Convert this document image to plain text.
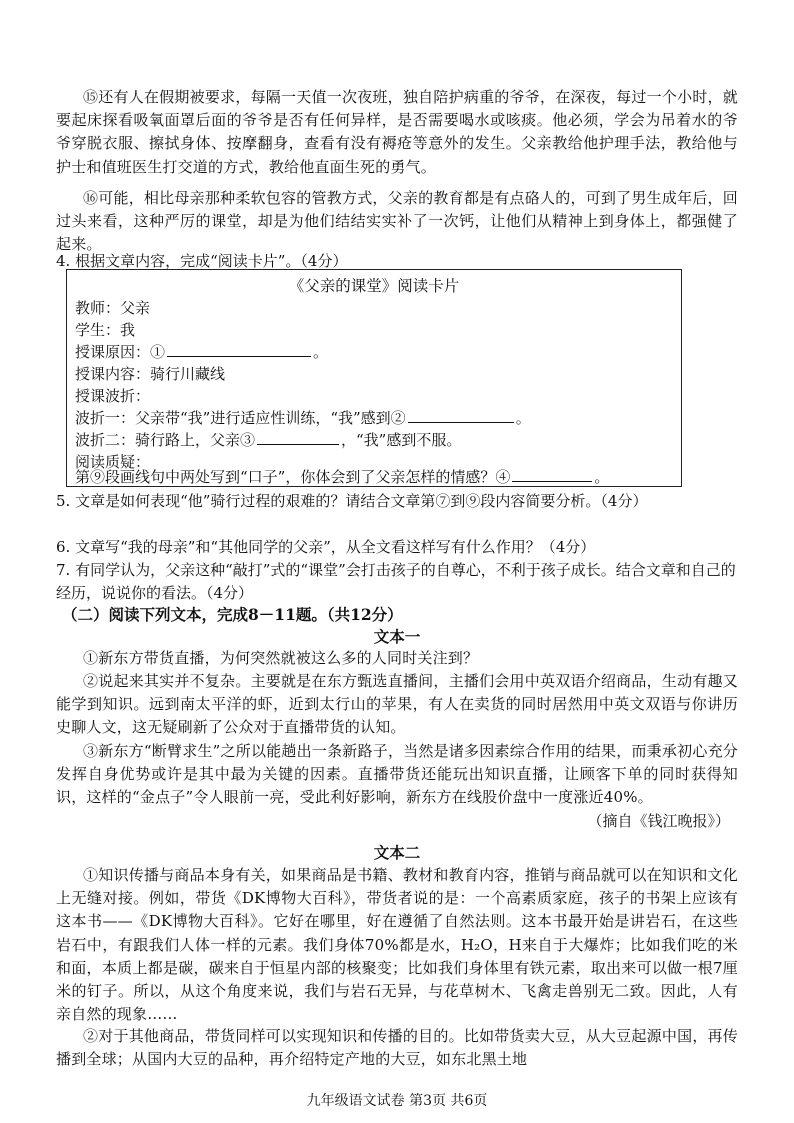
⑮还有人在假期被要求，每隔一天值一次夜班，独自陪护病重的爷爷，在深夜，每过一个小时，就要起床探看吸氧面罩后面的爷爷是否有任何异样，是否需要喝水或咳痰。他必须，学会为吊着水的爷爷穿脱衣服、擦拭身体、按摩翻身，查看有没有褥疮等意外的发生。父亲教给他护理手法，教给他与护士和值班医生打交道的方式，教给他直面生死的勇气。

⑯可能，相比母亲那种柔软包容的管教方式，父亲的教育都是有点硌人的，可到了男生成年后，回过头来看，这种严厉的课堂，却是为他们结结实实补了一次钙，让他们从精神上到身体上，都强健了起来。

4. 根据文章内容，完成“阅读卡片”。（4分）

《父亲的课堂》阅读卡片
教师：父亲
学生：我
授课原因：①	。
授课内容：骑行川藏线
授课波折：
波折一：父亲带“我”进行适应性训练，“我”感到②	。
波折二：骑行路上，父亲③	，“我”感到不服。
阅读质疑：
第⑨段画线句中两处写到“口子”，你体会到了父亲怎样的情感？④	。

5. 文章是如何表现“他”骑行过程的艰难的？请结合文章第⑦到⑨段内容简要分析。（4分）

6. 文章写“我的母亲”和“其他同学的父亲”，从全文看这样写有什么作用？（4分）

7. 有同学认为，父亲这种“敲打”式的“课堂”会打击孩子的自尊心，不利于孩子成长。结合文章和自己的经历，说说你的看法。（4分）

（二）阅读下列文本，完成8－11题。（共12分）
文本一

①新东方带货直播，为何突然就被这么多的人同时关注到？

②说起来其实并不复杂。主要就是在东方甄选直播间，主播们会用中英双语介绍商品，生动有趣又能学到知识。远到南太平洋的虾，近到太行山的苹果，有人在卖货的同时居然用中英文双语与你讲历史聊人文，这无疑刷新了公众对于直播带货的认知。

③新东方“断臂求生”之所以能趟出一条新路子，当然是诸多因素综合作用的结果，而秉承初心充分发挥自身优势或许是其中最为关键的因素。直播带货还能玩出知识直播，让顾客下单的同时获得知识，这样的“金点子”令人眼前一亮，受此利好影响，新东方在线股价盘中一度涨近40%。

（摘自《钱江晚报》）
文本二

①知识传播与商品本身有关，如果商品是书籍、教材和教育内容，推销与商品就可以在知识和文化上无缝对接。例如，带货《DK博物大百科》，带货者说的是：一个高素质家庭，孩子的书架上应该有这本书——《DK博物大百科》。它好在哪里，好在遵循了自然法则。这本书最开始是讲岩石，在这些岩石中，有跟我们人体一样的元素。我们身体70%都是水，H₂O，H来自于大爆炸；比如我们吃的米和面，本质上都是碳，碳来自于恒星内部的核聚变；比如我们身体里有铁元素，取出来可以做一根7厘米的钉子。所以，从这个角度来说，我们与岩石无异，与花草树木、飞禽走兽别无二致。因此，人有亲自然的现象……

②对于其他商品，带货同样可以实现知识和传播的目的。比如带货卖大豆，从大豆起源中国，再传播到全球；从国内大豆的品种，再介绍特定产地的大豆，如东北黑土地

九年级语文试卷 第3页 共6页
